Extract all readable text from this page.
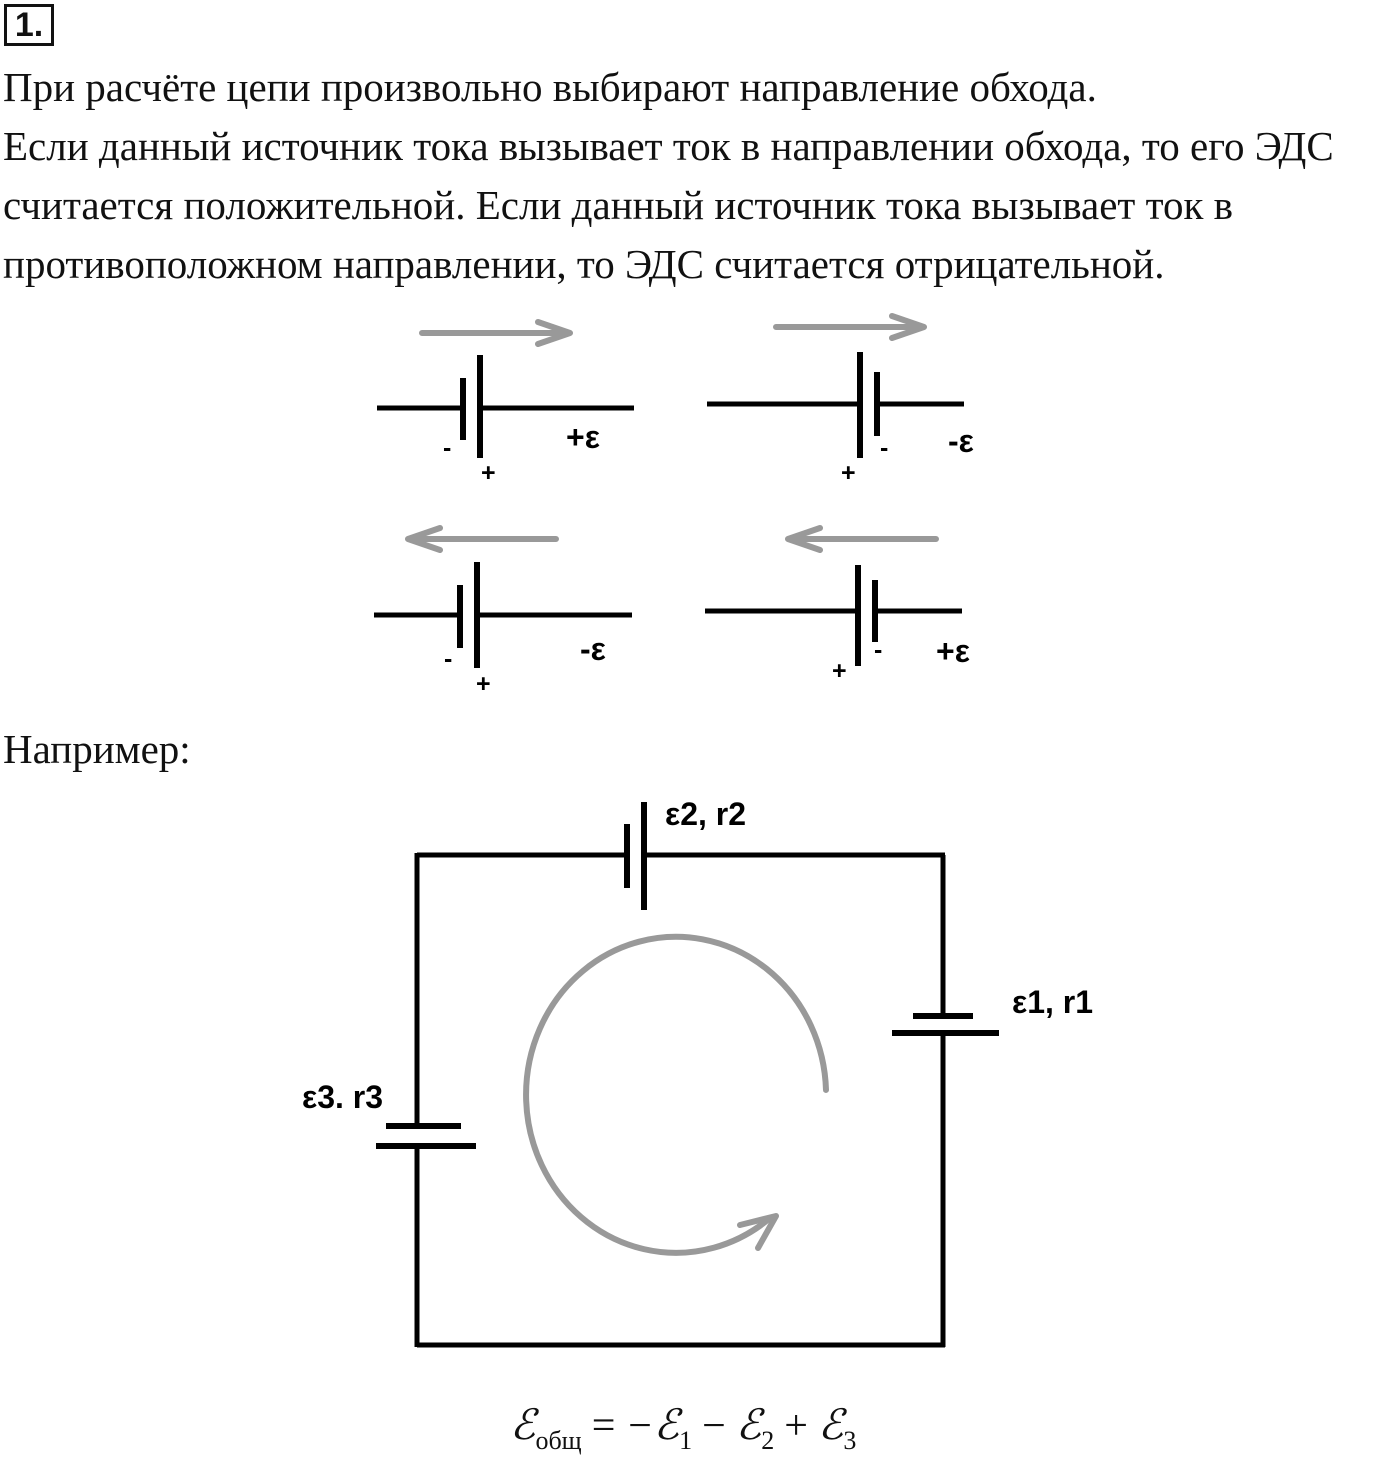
1.

При расчёте цепи произвольно выбирают направление обхода.

Если данный источник тока вызывает ток в направлении обхода, то его ЭДС
считается положительной. Если данный источник тока вызывает ток в
противоположном направлении, то ЭДС считается отрицательной.

-
+
+ε
+
- -ε
-
+
-ε
+
- +ε
ε2, r2
ε1, r1
ε3. r3

Например:

ℰ$_{общ}$ = −ℰ$_1$ − ℰ$_2$ + ℰ$_3$
